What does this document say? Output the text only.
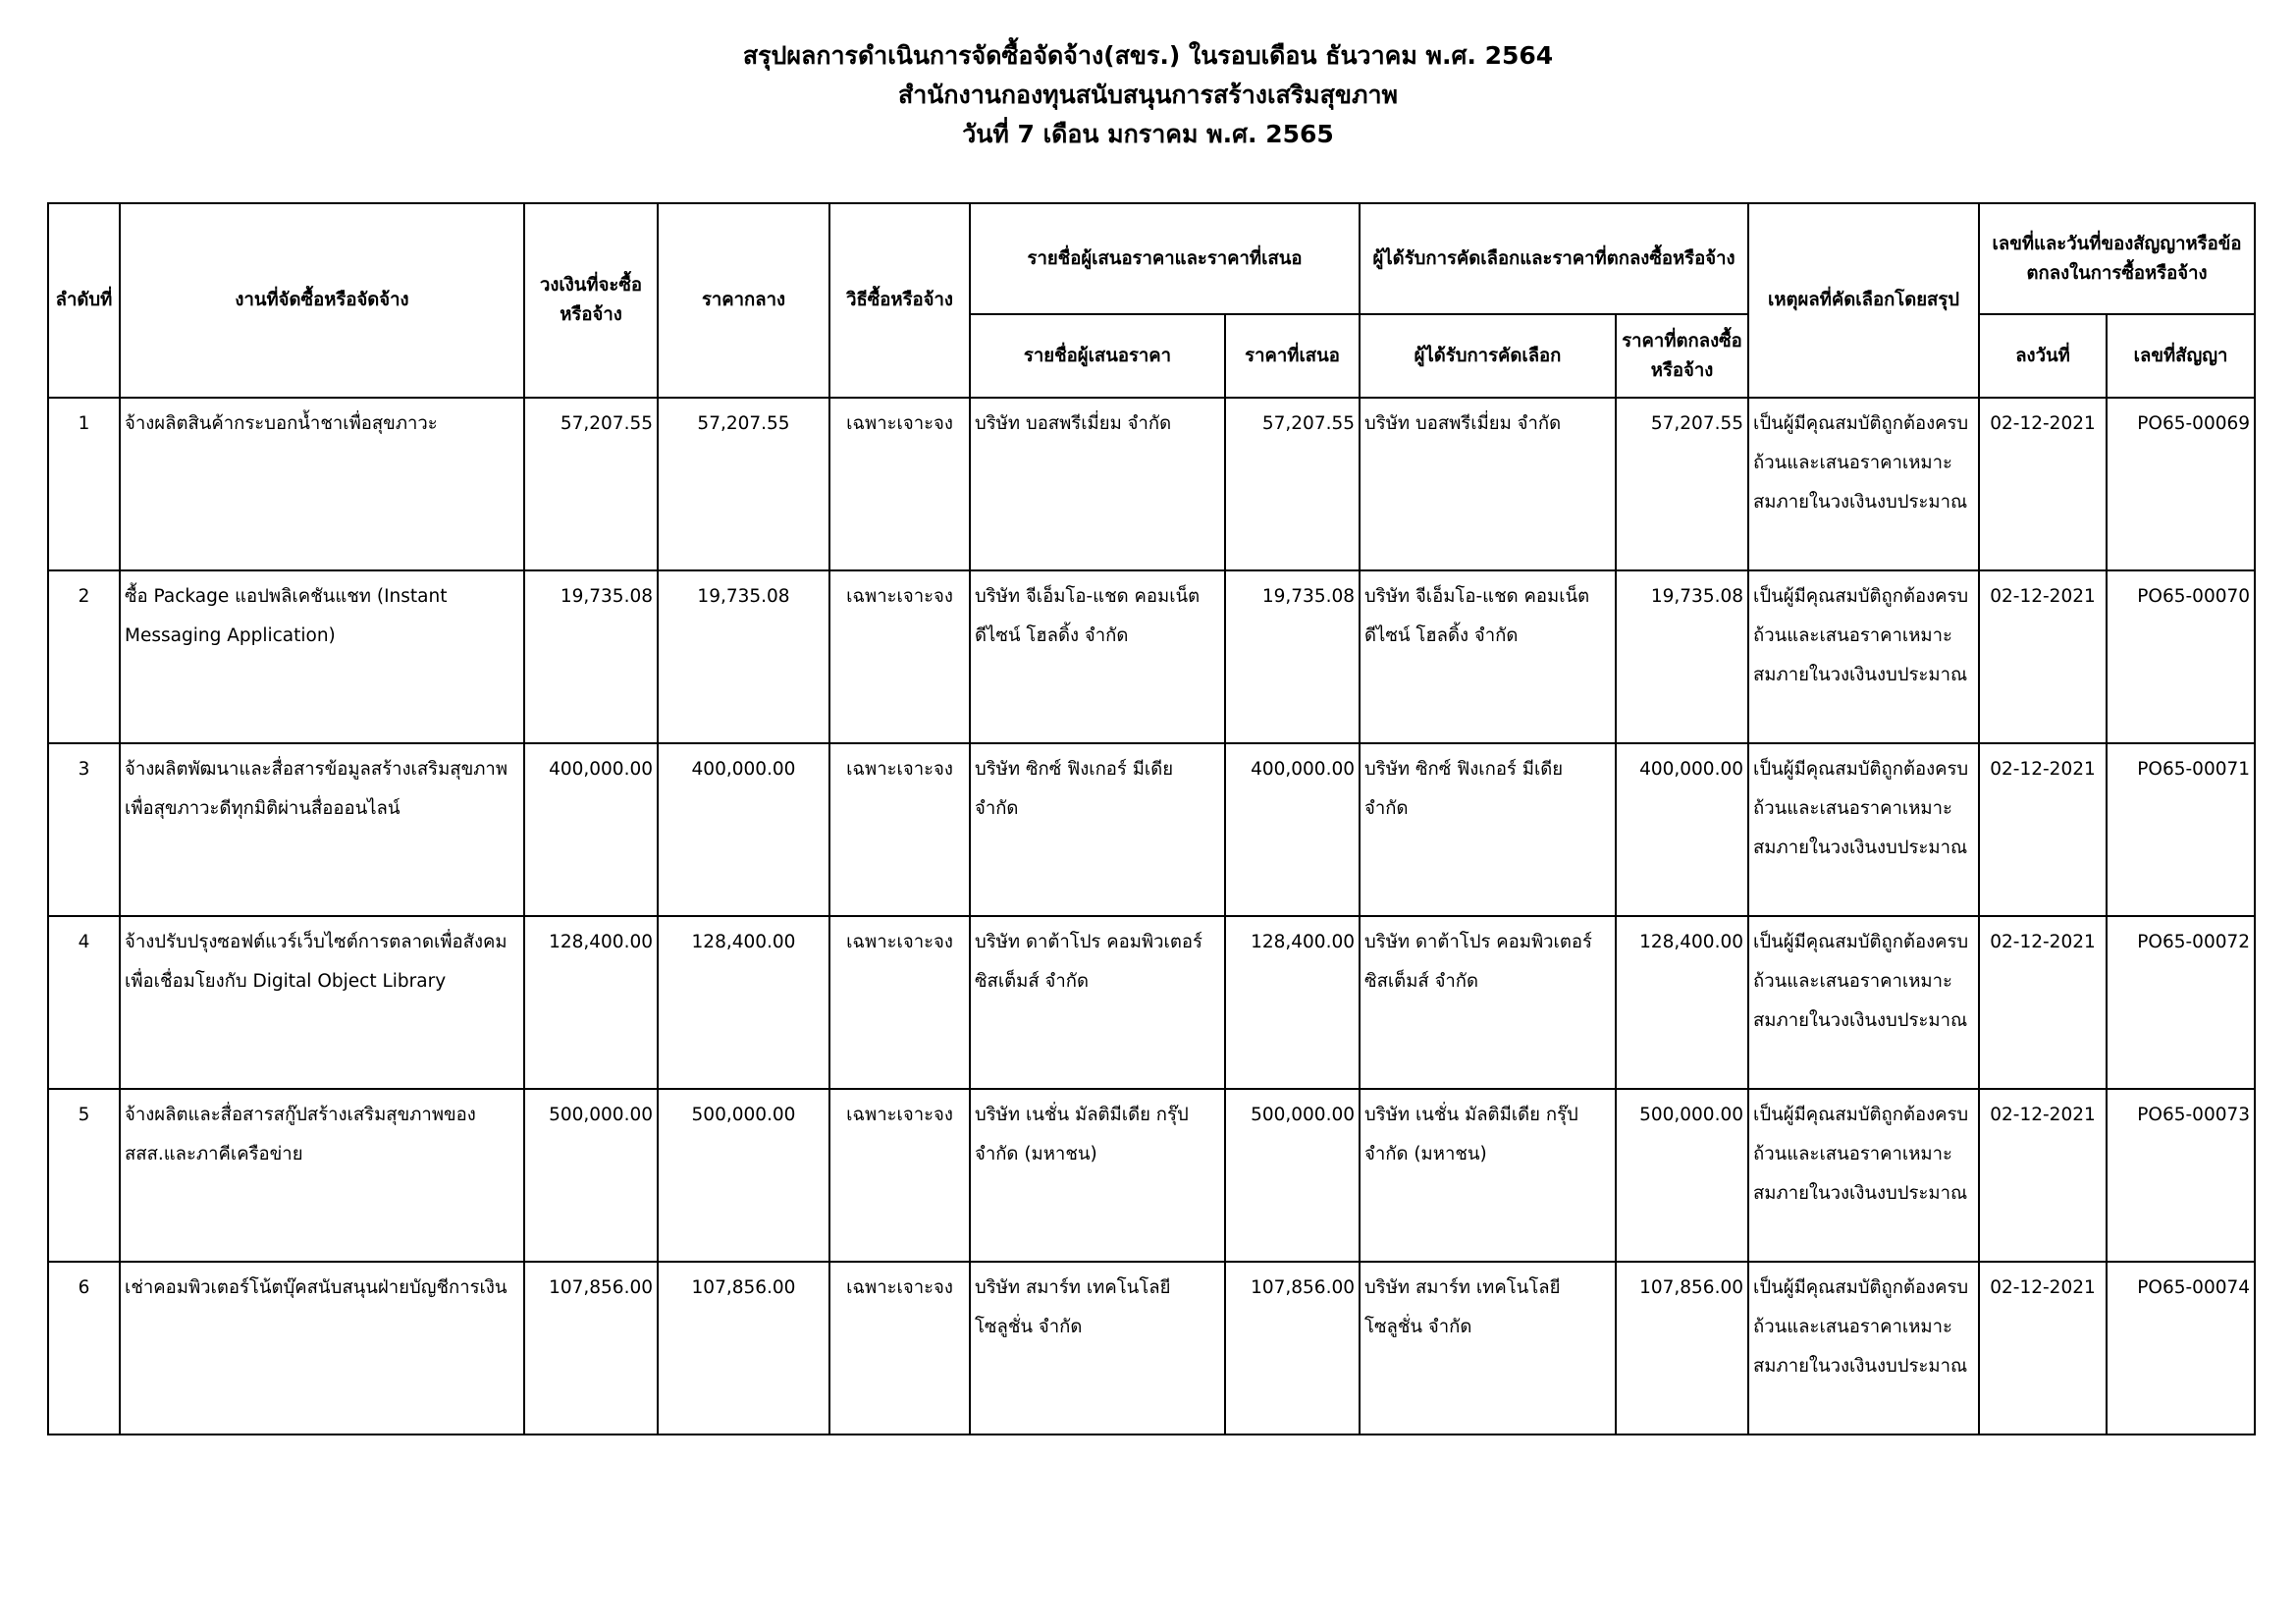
สรุปผลการดำเนินการจัดซื้อจัดจ้าง(สขร.) ในรอบเดือน ธันวาคม พ.ศ. 2564
สำนักงานกองทุนสนับสนุนการสร้างเสริมสุขภาพ
วันที่ 7 เดือน มกราคม พ.ศ. 2565
ลำดับที่	งานที่จัดซื้อหรือจัดจ้าง	วงเงินที่จะซื้อหรือจ้าง	ราคากลาง	วิธีซื้อหรือจ้าง	รายชื่อผู้เสนอราคาและราคาที่เสนอ		ผู้ได้รับการคัดเลือกและราคาที่ตกลงซื้อหรือจ้าง		เหตุผลที่คัดเลือกโดยสรุป	เลขที่และวันที่ของสัญญาหรือข้อตกลงในการซื้อหรือจ้าง	
					รายชื่อผู้เสนอราคา	ราคาที่เสนอ	ผู้ได้รับการคัดเลือก	ราคาที่ตกลงซื้อหรือจ้าง		ลงวันที่	เลขที่สัญญา
1	จ้างผลิตสินค้ากระบอกน้ำชาเพื่อสุขภาวะ	57,207.55	57,207.55	เฉพาะเจาะจง	บริษัท บอสพรีเมี่ยม จำกัด	57,207.55	บริษัท บอสพรีเมี่ยม จำกัด	57,207.55	เป็นผู้มีคุณสมบัติถูกต้องครบถ้วนและเสนอราคาเหมาะสมภายในวงเงินงบประมาณ	02-12-2021	PO65-00069
2	ซื้อ Package แอปพลิเคชันแชท (Instant Messaging Application)	19,735.08	19,735.08	เฉพาะเจาะจง	บริษัท จีเอ็มโอ-แชด คอมเน็ตดีไซน์ โฮลดิ้ง จำกัด	19,735.08	บริษัท จีเอ็มโอ-แชด คอมเน็ตดีไซน์ โฮลดิ้ง จำกัด	19,735.08	เป็นผู้มีคุณสมบัติถูกต้องครบถ้วนและเสนอราคาเหมาะสมภายในวงเงินงบประมาณ	02-12-2021	PO65-00070
3	จ้างผลิตพัฒนาและสื่อสารข้อมูลสร้างเสริมสุขภาพเพื่อสุขภาวะดีทุกมิติผ่านสื่อออนไลน์	400,000.00	400,000.00	เฉพาะเจาะจง	บริษัท ซิกซ์ ฟิงเกอร์ มีเดีย จำกัด	400,000.00	บริษัท ซิกซ์ ฟิงเกอร์ มีเดีย จำกัด	400,000.00	เป็นผู้มีคุณสมบัติถูกต้องครบถ้วนและเสนอราคาเหมาะสมภายในวงเงินงบประมาณ	02-12-2021	PO65-00071
4	จ้างปรับปรุงซอฟต์แวร์เว็บไซต์การตลาดเพื่อสังคมเพื่อเชื่อมโยงกับ Digital Object Library	128,400.00	128,400.00	เฉพาะเจาะจง	บริษัท ดาต้าโปร คอมพิวเตอร์ ซิสเต็มส์ จำกัด	128,400.00	บริษัท ดาต้าโปร คอมพิวเตอร์ ซิสเต็มส์ จำกัด	128,400.00	เป็นผู้มีคุณสมบัติถูกต้องครบถ้วนและเสนอราคาเหมาะสมภายในวงเงินงบประมาณ	02-12-2021	PO65-00072
5	จ้างผลิตและสื่อสารสกู๊ปสร้างเสริมสุขภาพของสสส.และภาคีเครือข่าย	500,000.00	500,000.00	เฉพาะเจาะจง	บริษัท เนชั่น มัลติมีเดีย กรุ๊ป จำกัด (มหาชน)	500,000.00	บริษัท เนชั่น มัลติมีเดีย กรุ๊ป จำกัด (มหาชน)	500,000.00	เป็นผู้มีคุณสมบัติถูกต้องครบถ้วนและเสนอราคาเหมาะสมภายในวงเงินงบประมาณ	02-12-2021	PO65-00073
6	เช่าคอมพิวเตอร์โน้ตบุ๊คสนับสนุนฝ่ายบัญชีการเงิน	107,856.00	107,856.00	เฉพาะเจาะจง	บริษัท สมาร์ท เทคโนโลยี โซลูชั่น จำกัด	107,856.00	บริษัท สมาร์ท เทคโนโลยี โซลูชั่น จำกัด	107,856.00	เป็นผู้มีคุณสมบัติถูกต้องครบถ้วนและเสนอราคาเหมาะสมภายในวงเงินงบประมาณ	02-12-2021	PO65-00074
